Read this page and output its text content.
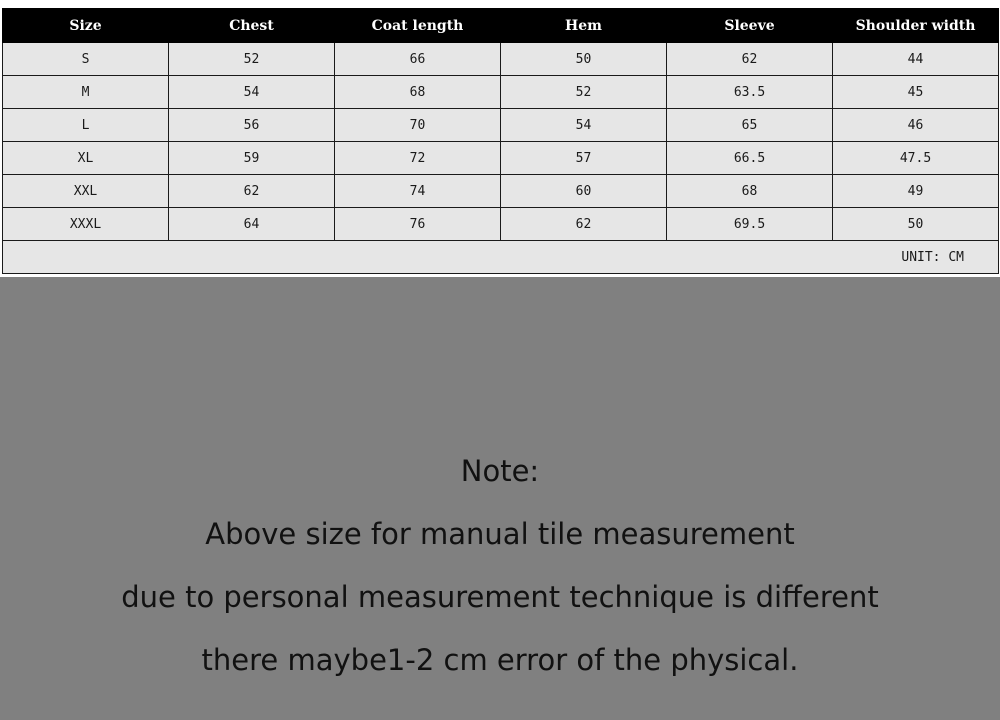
Size	Chest	Coat length	Hem	Sleeve	Shoulder width
S	52	66	50	62	44
M	54	68	52	63.5	45
L	56	70	54	65	46
XL	59	72	57	66.5	47.5
XXL	62	74	60	68	49
XXXL	64	76	62	69.5	50
UNIT: CM					
Note:
Above size for manual tile measurement
due to personal measurement technique is different
there maybe1-2 cm error of the physical.
